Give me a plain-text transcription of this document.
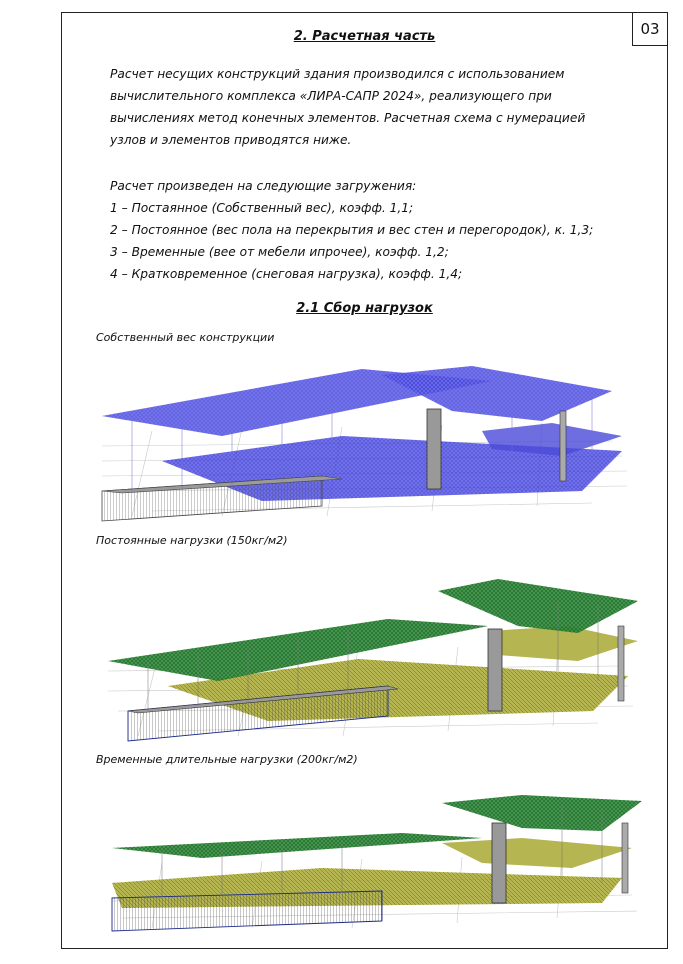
03
2. Расчетная часть
Расчет несущих конструкций здания производился с использованием
вычислительного комплекса «ЛИРА-САПР 2024», реализующего при
вычислениях метод конечных элементов. Расчетная схема с нумерацией
узлов и элементов приводятся ниже.
Расчет произведен на следующие загружения:
1 – Постаянное (Собственный вес), коэфф. 1,1;
2 – Постоянное (вес пола на перекрытия и вес стен и перегородок), к. 1,3;
3 – Временные (вее от мебели ипрочее), коэфф. 1,2;
4 – Кратковременное (снеговая нагрузка), коэфф. 1,4;
2.1 Сбор нагрузок
Собственный вес конструкции
Постоянные нагрузки (150кг/м2)
Временные длительные нагрузки (200кг/м2)
